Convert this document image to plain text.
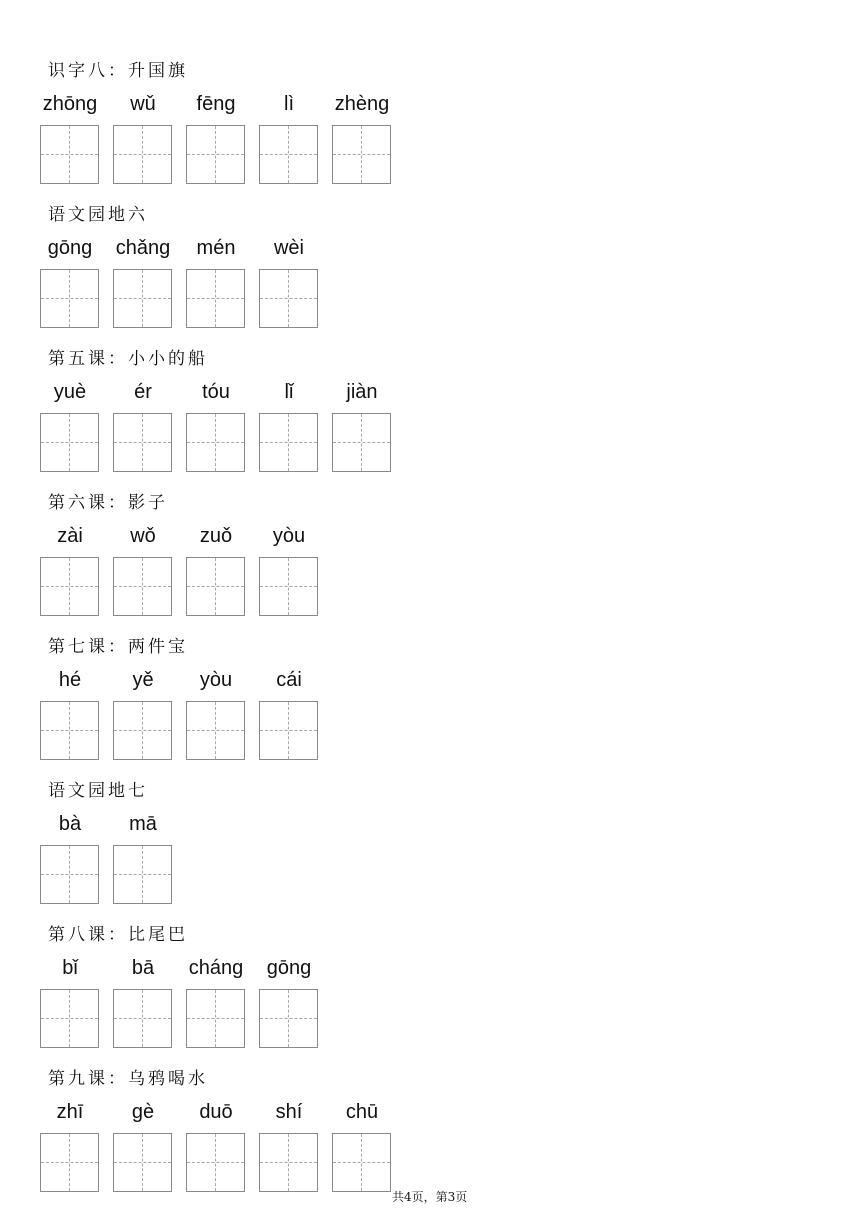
识字八：升国旗
zhōng	wǔ	fēng	lì	zhèng
语文园地六
gōng	chǎng	mén	wèi
第五课：小小的船
yuè	ér	tóu	lǐ	jiàn
第六课：影子
zài	wǒ	zuǒ	yòu
第七课：两件宝
hé	yě	yòu	cái
语文园地七
bà	mā
第八课：比尾巴
bǐ	bā	cháng	gōng
第九课：乌鸦喝水
zhī	gè	duō	shí	chū
共4页，第3页
